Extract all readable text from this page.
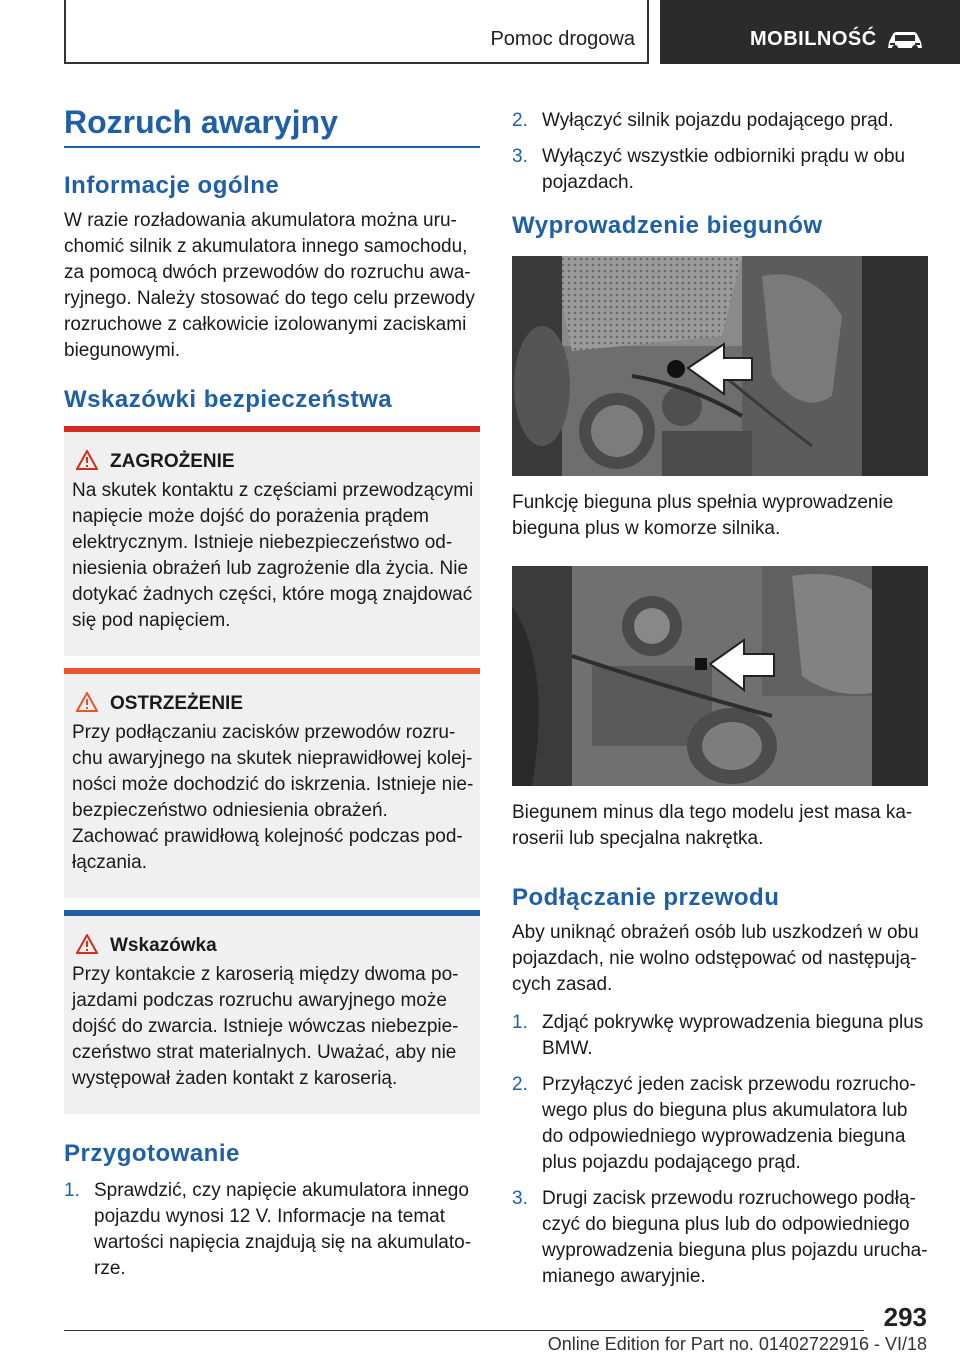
Pomoc drogowa	MOBILNOŚĆ
Rozruch awaryjny
Informacje ogólne
W razie rozładowania akumulatora można uru-
chomić silnik z akumulatora innego samochodu,
za pomocą dwóch przewodów do rozruchu awa-
ryjnego. Należy stosować do tego celu przewody
rozruchowe z całkowicie izolowanymi zaciskami
biegunowymi.
Wskazówki bezpieczeństwa
ZAGROŻENIE
Na skutek kontaktu z częściami przewodzącymi
napięcie może dojść do porażenia prądem
elektrycznym. Istnieje niebezpieczeństwo od-
niesienia obrażeń lub zagrożenie dla życia. Nie
dotykać żadnych części, które mogą znajdować
się pod napięciem.
OSTRZEŻENIE
Przy podłączaniu zacisków przewodów rozru-
chu awaryjnego na skutek nieprawidłowej kolej-
ności może dochodzić do iskrzenia. Istnieje nie-
bezpieczeństwo odniesienia obrażeń.
Zachować prawidłową kolejność podczas pod-
łączania.
Wskazówka
Przy kontakcie z karoserią między dwoma po-
jazdami podczas rozruchu awaryjnego może
dojść do zwarcia. Istnieje wówczas niebezpie-
czeństwo strat materialnych. Uważać, aby nie
występował żaden kontakt z karoserią.
Przygotowanie
1. Sprawdzić, czy napięcie akumulatora innego
pojazdu wynosi 12 V. Informacje na temat
wartości napięcia znajdują się na akumulato-
rze.
2. Wyłączyć silnik pojazdu podającego prąd.
3. Wyłączyć wszystkie odbiorniki prądu w obu
pojazdach.
Wyprowadzenie biegunów
Funkcję bieguna plus spełnia wyprowadzenie
bieguna plus w komorze silnika.
Biegunem minus dla tego modelu jest masa ka-
roserii lub specjalna nakrętka.
Podłączanie przewodu
Aby uniknąć obrażeń osób lub uszkodzeń w obu
pojazdach, nie wolno odstępować od następują-
cych zasad.
1. Zdjąć pokrywkę wyprowadzenia bieguna plus
BMW.
2. Przyłączyć jeden zacisk przewodu rozrucho-
wego plus do bieguna plus akumulatora lub
do odpowiedniego wyprowadzenia bieguna
plus pojazdu podającego prąd.
3. Drugi zacisk przewodu rozruchowego podłą-
czyć do bieguna plus lub do odpowiedniego
wyprowadzenia bieguna plus pojazdu urucha-
mianego awaryjnie.
293
Online Edition for Part no. 01402722916 - VI/18
